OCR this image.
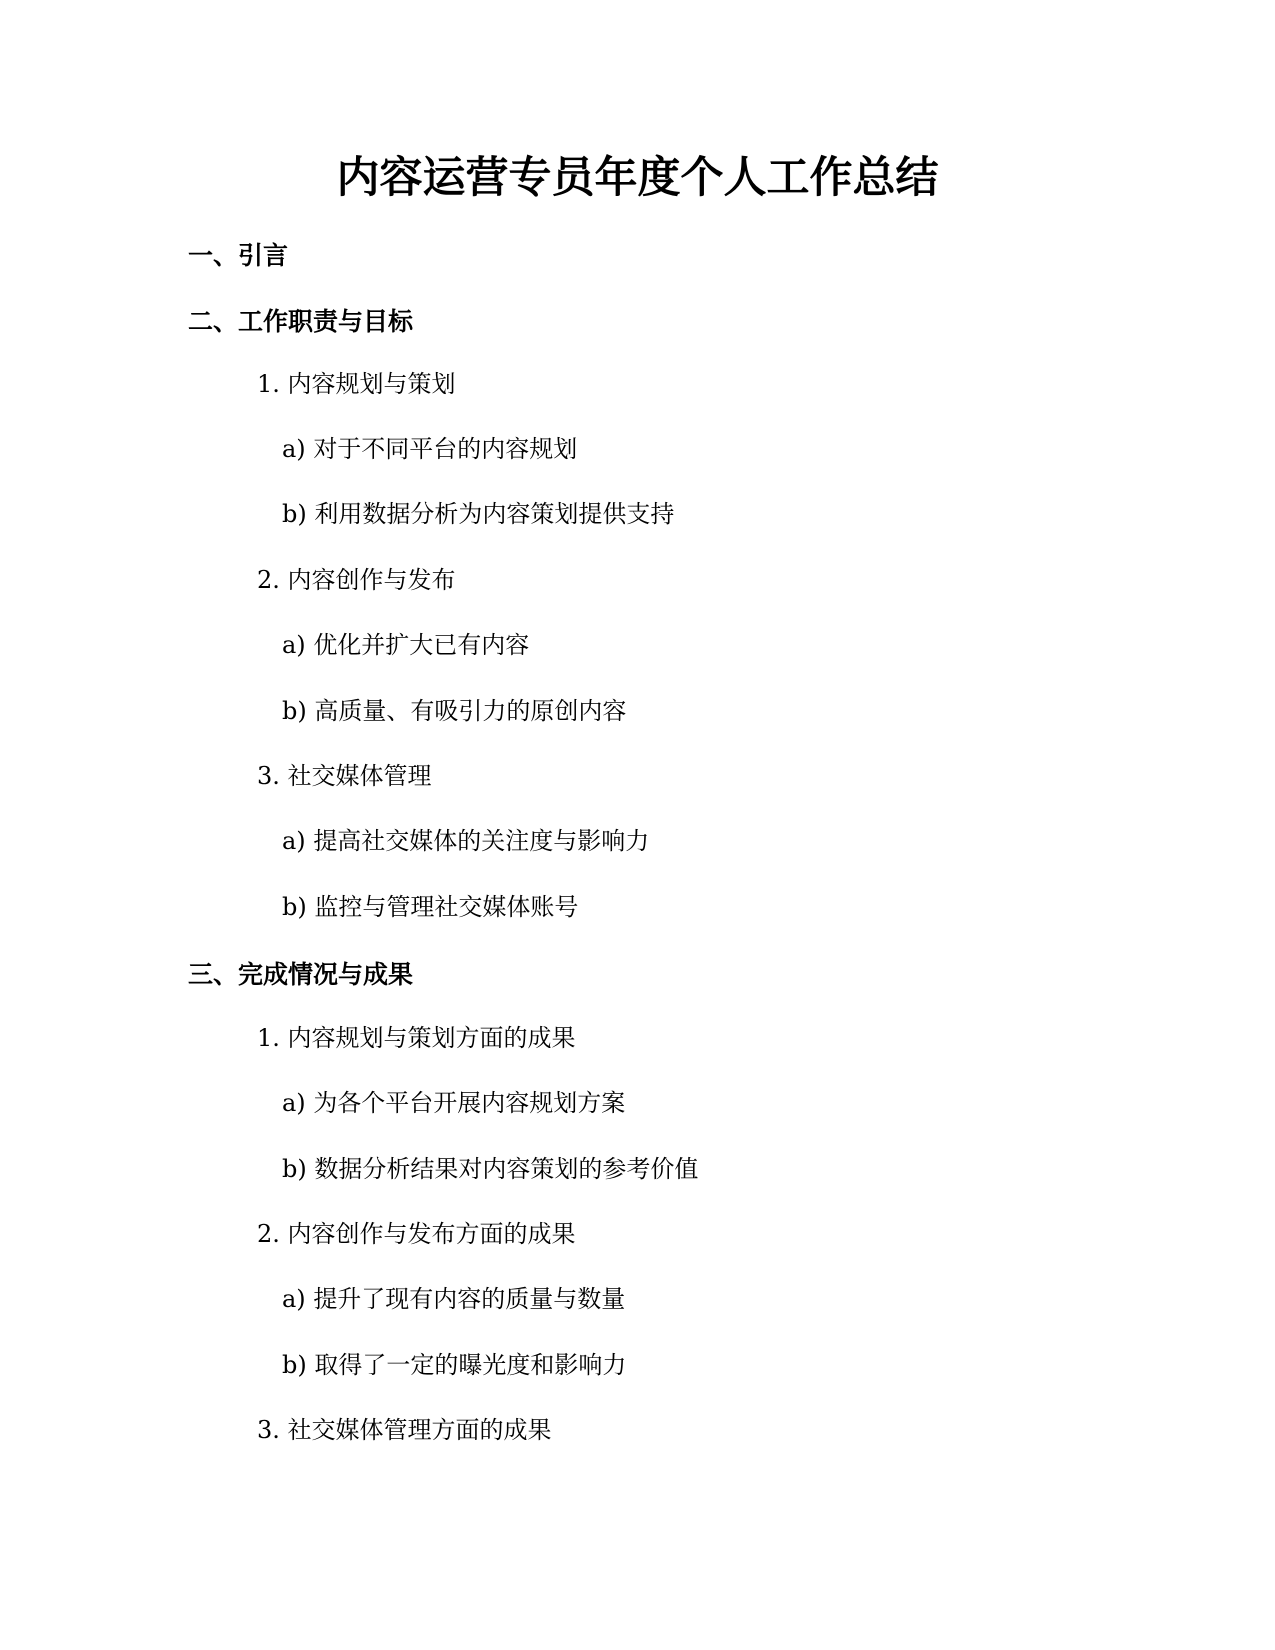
内容运营专员年度个人工作总结
一、引言
二、工作职责与目标

1. 内容规划与策划

a) 对于不同平台的内容规划

b) 利用数据分析为内容策划提供支持

2. 内容创作与发布

a) 优化并扩大已有内容

b) 高质量、有吸引力的原创内容

3. 社交媒体管理

a) 提高社交媒体的关注度与影响力

b) 监控与管理社交媒体账号

三、完成情况与成果

1. 内容规划与策划方面的成果

a) 为各个平台开展内容规划方案

b) 数据分析结果对内容策划的参考价值

2. 内容创作与发布方面的成果

a) 提升了现有内容的质量与数量

b) 取得了一定的曝光度和影响力

3. 社交媒体管理方面的成果
